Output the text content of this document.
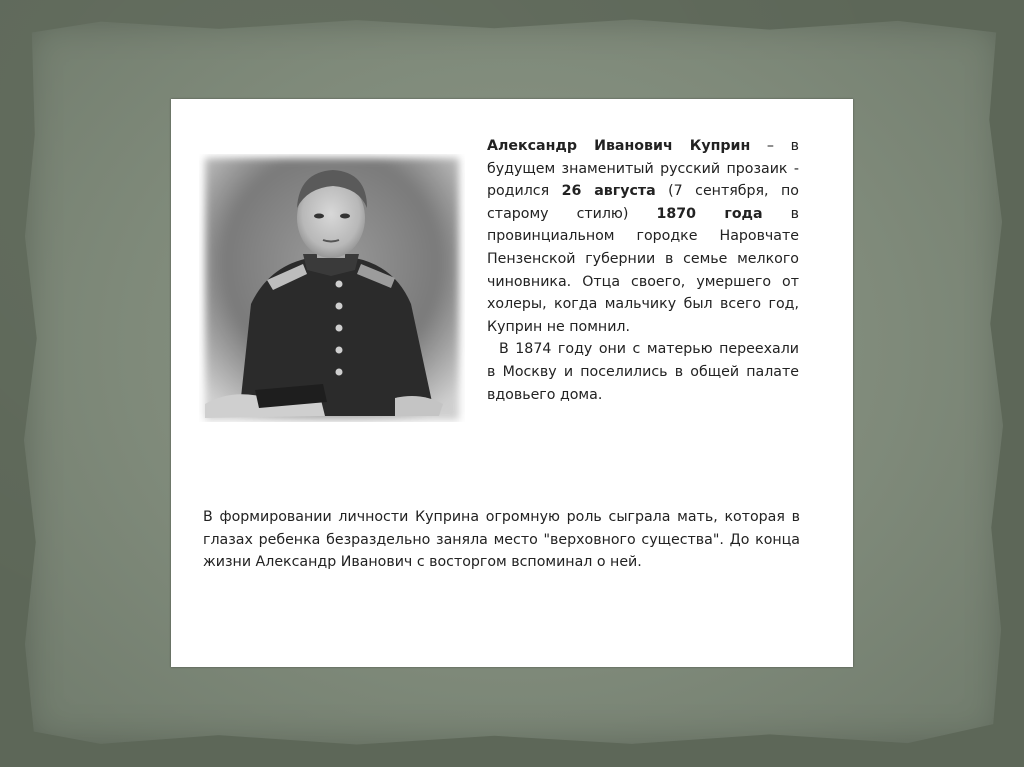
Александр Иванович Куприн – в будущем знаменитый русский прозаик - родился 26 августа (7 сентября, по старому стилю) 1870 года в провинциальном городке Наровчате Пензенской губернии в семье мелкого чиновника. Отца своего, умершего от холеры, когда мальчику был всего год, Куприн не помнил.

В 1874 году они с матерью переехали в Москву и поселились в общей палате вдовьего дома.

В формировании личности Куприна огромную роль сыграла мать, которая в глазах ребенка безраздельно заняла место "верховного существа". До конца жизни Александр Иванович с восторгом вспоминал о ней.
